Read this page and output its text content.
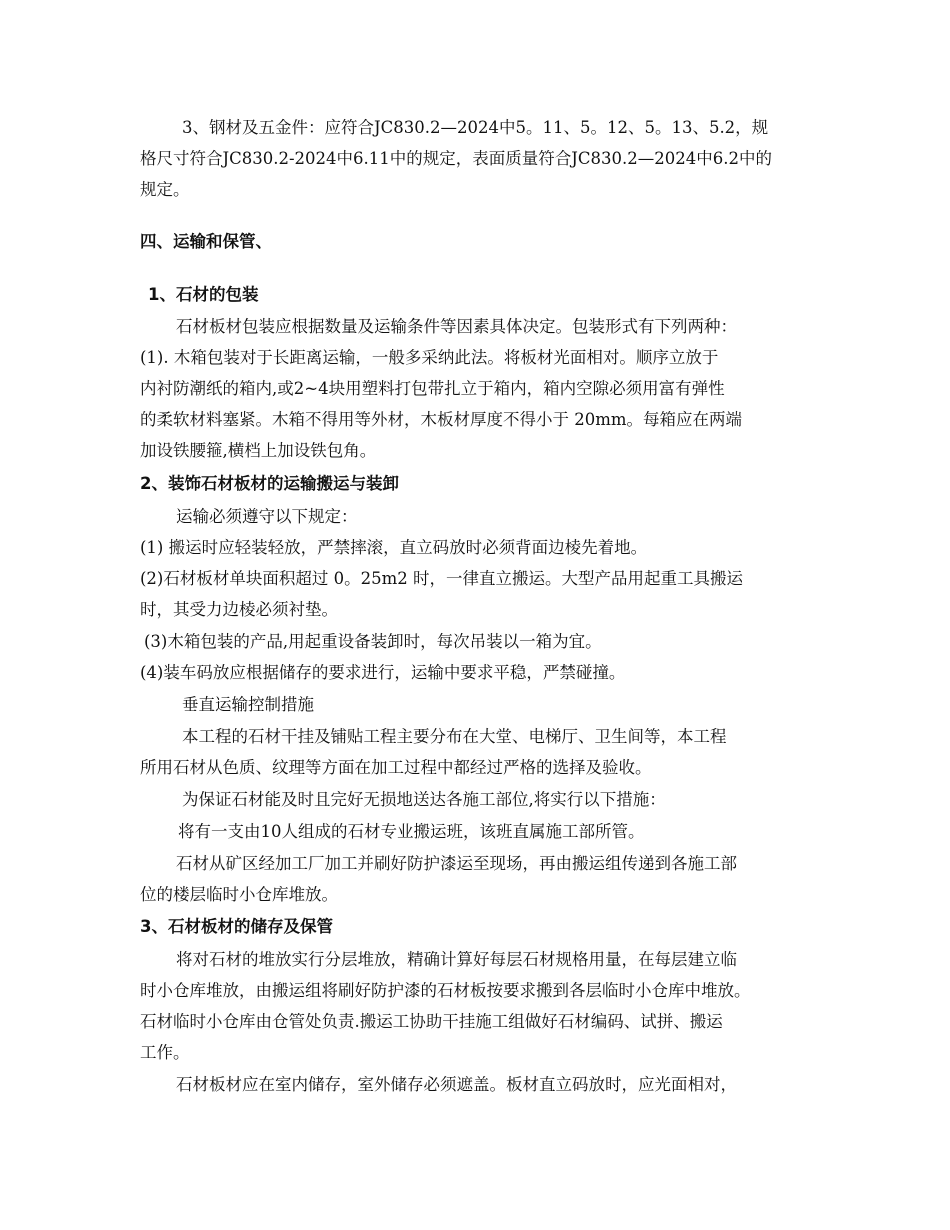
3、钢材及五金件：应符合JC830.2—2024中5。11、5。12、5。13、5.2，规

格尺寸符合JC830.2-2024中6.11中的规定，表面质量符合JC830.2—2024中6.2中的

规定。

四、运输和保管、

1、石材的包装

石材板材包装应根据数量及运输条件等因素具体决定。包装形式有下列两种：

(1). 木箱包装对于长距离运输，一般多采纳此法。将板材光面相对。顺序立放于

内衬防潮纸的箱内,或2~4块用塑料打包带扎立于箱内，箱内空隙必须用富有弹性

的柔软材料塞紧。木箱不得用等外材，木板材厚度不得小于 20mm。每箱应在两端

加设铁腰箍,横档上加设铁包角。

2、装饰石材板材的运输搬运与装卸

运输必须遵守以下规定：

(1) 搬运时应轻装轻放，严禁摔滚，直立码放时必须背面边棱先着地。

(2)石材板材单块面积超过 0。25m2 时，一律直立搬运。大型产品用起重工具搬运

时，其受力边棱必须衬垫。

(3)木箱包装的产品,用起重设备装卸时，每次吊装以一箱为宜。

(4)装车码放应根据储存的要求进行，运输中要求平稳，严禁碰撞。

垂直运输控制措施

本工程的石材干挂及铺贴工程主要分布在大堂、电梯厅、卫生间等，本工程

所用石材从色质、纹理等方面在加工过程中都经过严格的选择及验收。

为保证石材能及时且完好无损地送达各施工部位,将实行以下措施：

将有一支由10人组成的石材专业搬运班，该班直属施工部所管。

石材从矿区经加工厂加工并刷好防护漆运至现场，再由搬运组传递到各施工部

位的楼层临时小仓库堆放。

3、石材板材的储存及保管

将对石材的堆放实行分层堆放，精确计算好每层石材规格用量，在每层建立临

时小仓库堆放，由搬运组将刷好防护漆的石材板按要求搬到各层临时小仓库中堆放。

石材临时小仓库由仓管处负责.搬运工协助干挂施工组做好石材编码、试拼、搬运

工作。

石材板材应在室内储存，室外储存必须遮盖。板材直立码放时，应光面相对，
